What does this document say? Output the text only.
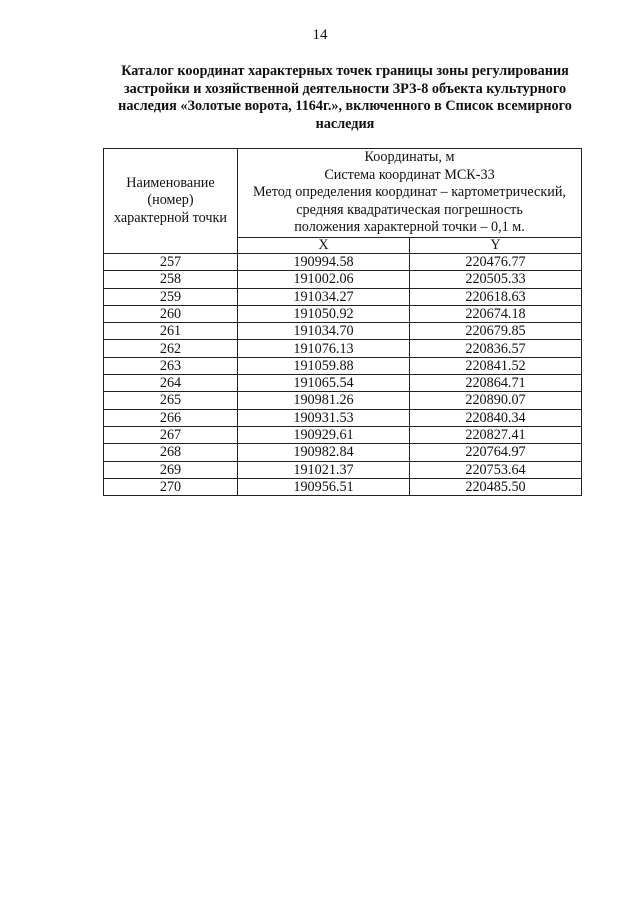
14
Каталог координат характерных точек границы зоны регулирования
застройки и хозяйственной деятельности ЗРЗ-8 объекта культурного
наследия «Золотые ворота, 1164г.», включенного в Список всемирного
наследия
Наименование
(номер)
характерной точки	Координаты, м
Система координат МСК-33
Метод определения координат – картометрический,
средняя квадратическая погрешность
положения характерной точки – 0,1 м.	

	X	Y
257	190994.58	220476.77
258	191002.06	220505.33
259	191034.27	220618.63
260	191050.92	220674.18
261	191034.70	220679.85
262	191076.13	220836.57
263	191059.88	220841.52
264	191065.54	220864.71
265	190981.26	220890.07
266	190931.53	220840.34
267	190929.61	220827.41
268	190982.84	220764.97
269	191021.37	220753.64
270	190956.51	220485.50
